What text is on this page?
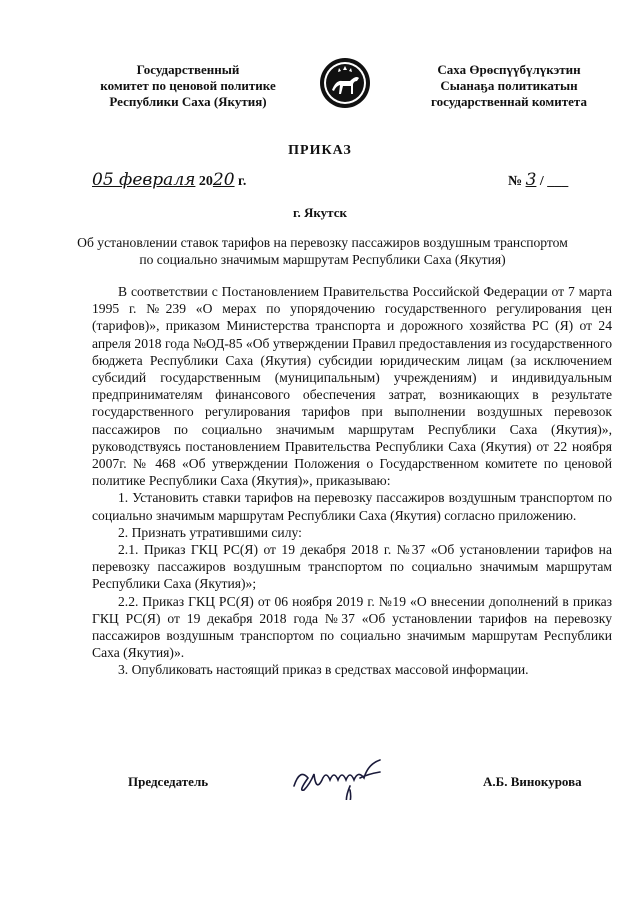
Государственный
комитет по ценовой политике
Республики Саха (Якутия)
Саха Өрөспүүбүлүкэтин
Сыанаҕа политикатын
государственнай комитета
ПРИКАЗ
05 февраля 2020 г.	№ 3 / ___
г. Якутск
Об установлении ставок тарифов на перевозку пассажиров воздушным транспортом по социально значимым маршрутам Республики Саха (Якутия)

В соответствии с Постановлением Правительства Российской Федерации от 7 марта 1995 г. №239 «О мерах по упорядочению государственного регулирования цен (тарифов)», приказом Министерства транспорта и дорожного хозяйства РС (Я) от 24 апреля 2018 года №ОД-85 «Об утверждении Правил предоставления из государственного бюджета Республики Саха (Якутия) субсидии юридическим лицам (за исключением субсидий государственным (муниципальным) учреждениям) и индивидуальным предпринимателям финансового обеспечения затрат, возникающих в результате государственного регулирования тарифов при выполнении воздушных перевозок пассажиров по социально значимым маршрутам Республики Саха (Якутия)», руководствуясь постановлением Правительства Республики Саха (Якутия) от 22 ноября 2007г. № 468 «Об утверждении Положения о Государственном комитете по ценовой политике Республики Саха (Якутия)», приказываю:

1. Установить ставки тарифов на перевозку пассажиров воздушным транспортом по социально значимым маршрутам Республики Саха (Якутия) согласно приложению.

2. Признать утратившими силу:

2.1. Приказ ГКЦ РС(Я) от 19 декабря 2018 г. №37 «Об установлении тарифов на перевозку пассажиров воздушным транспортом по социально значимым маршрутам Республики Саха (Якутия)»;

2.2. Приказ ГКЦ РС(Я) от 06 ноября 2019 г. №19 «О внесении дополнений в приказ ГКЦ РС(Я) от 19 декабря 2018 года №37 «Об установлении тарифов на перевозку пассажиров воздушным транспортом по социально значимым маршрутам Республики Саха (Якутия)».

3. Опубликовать настоящий приказ в средствах массовой информации.

Председатель	А.Б. Винокурова
